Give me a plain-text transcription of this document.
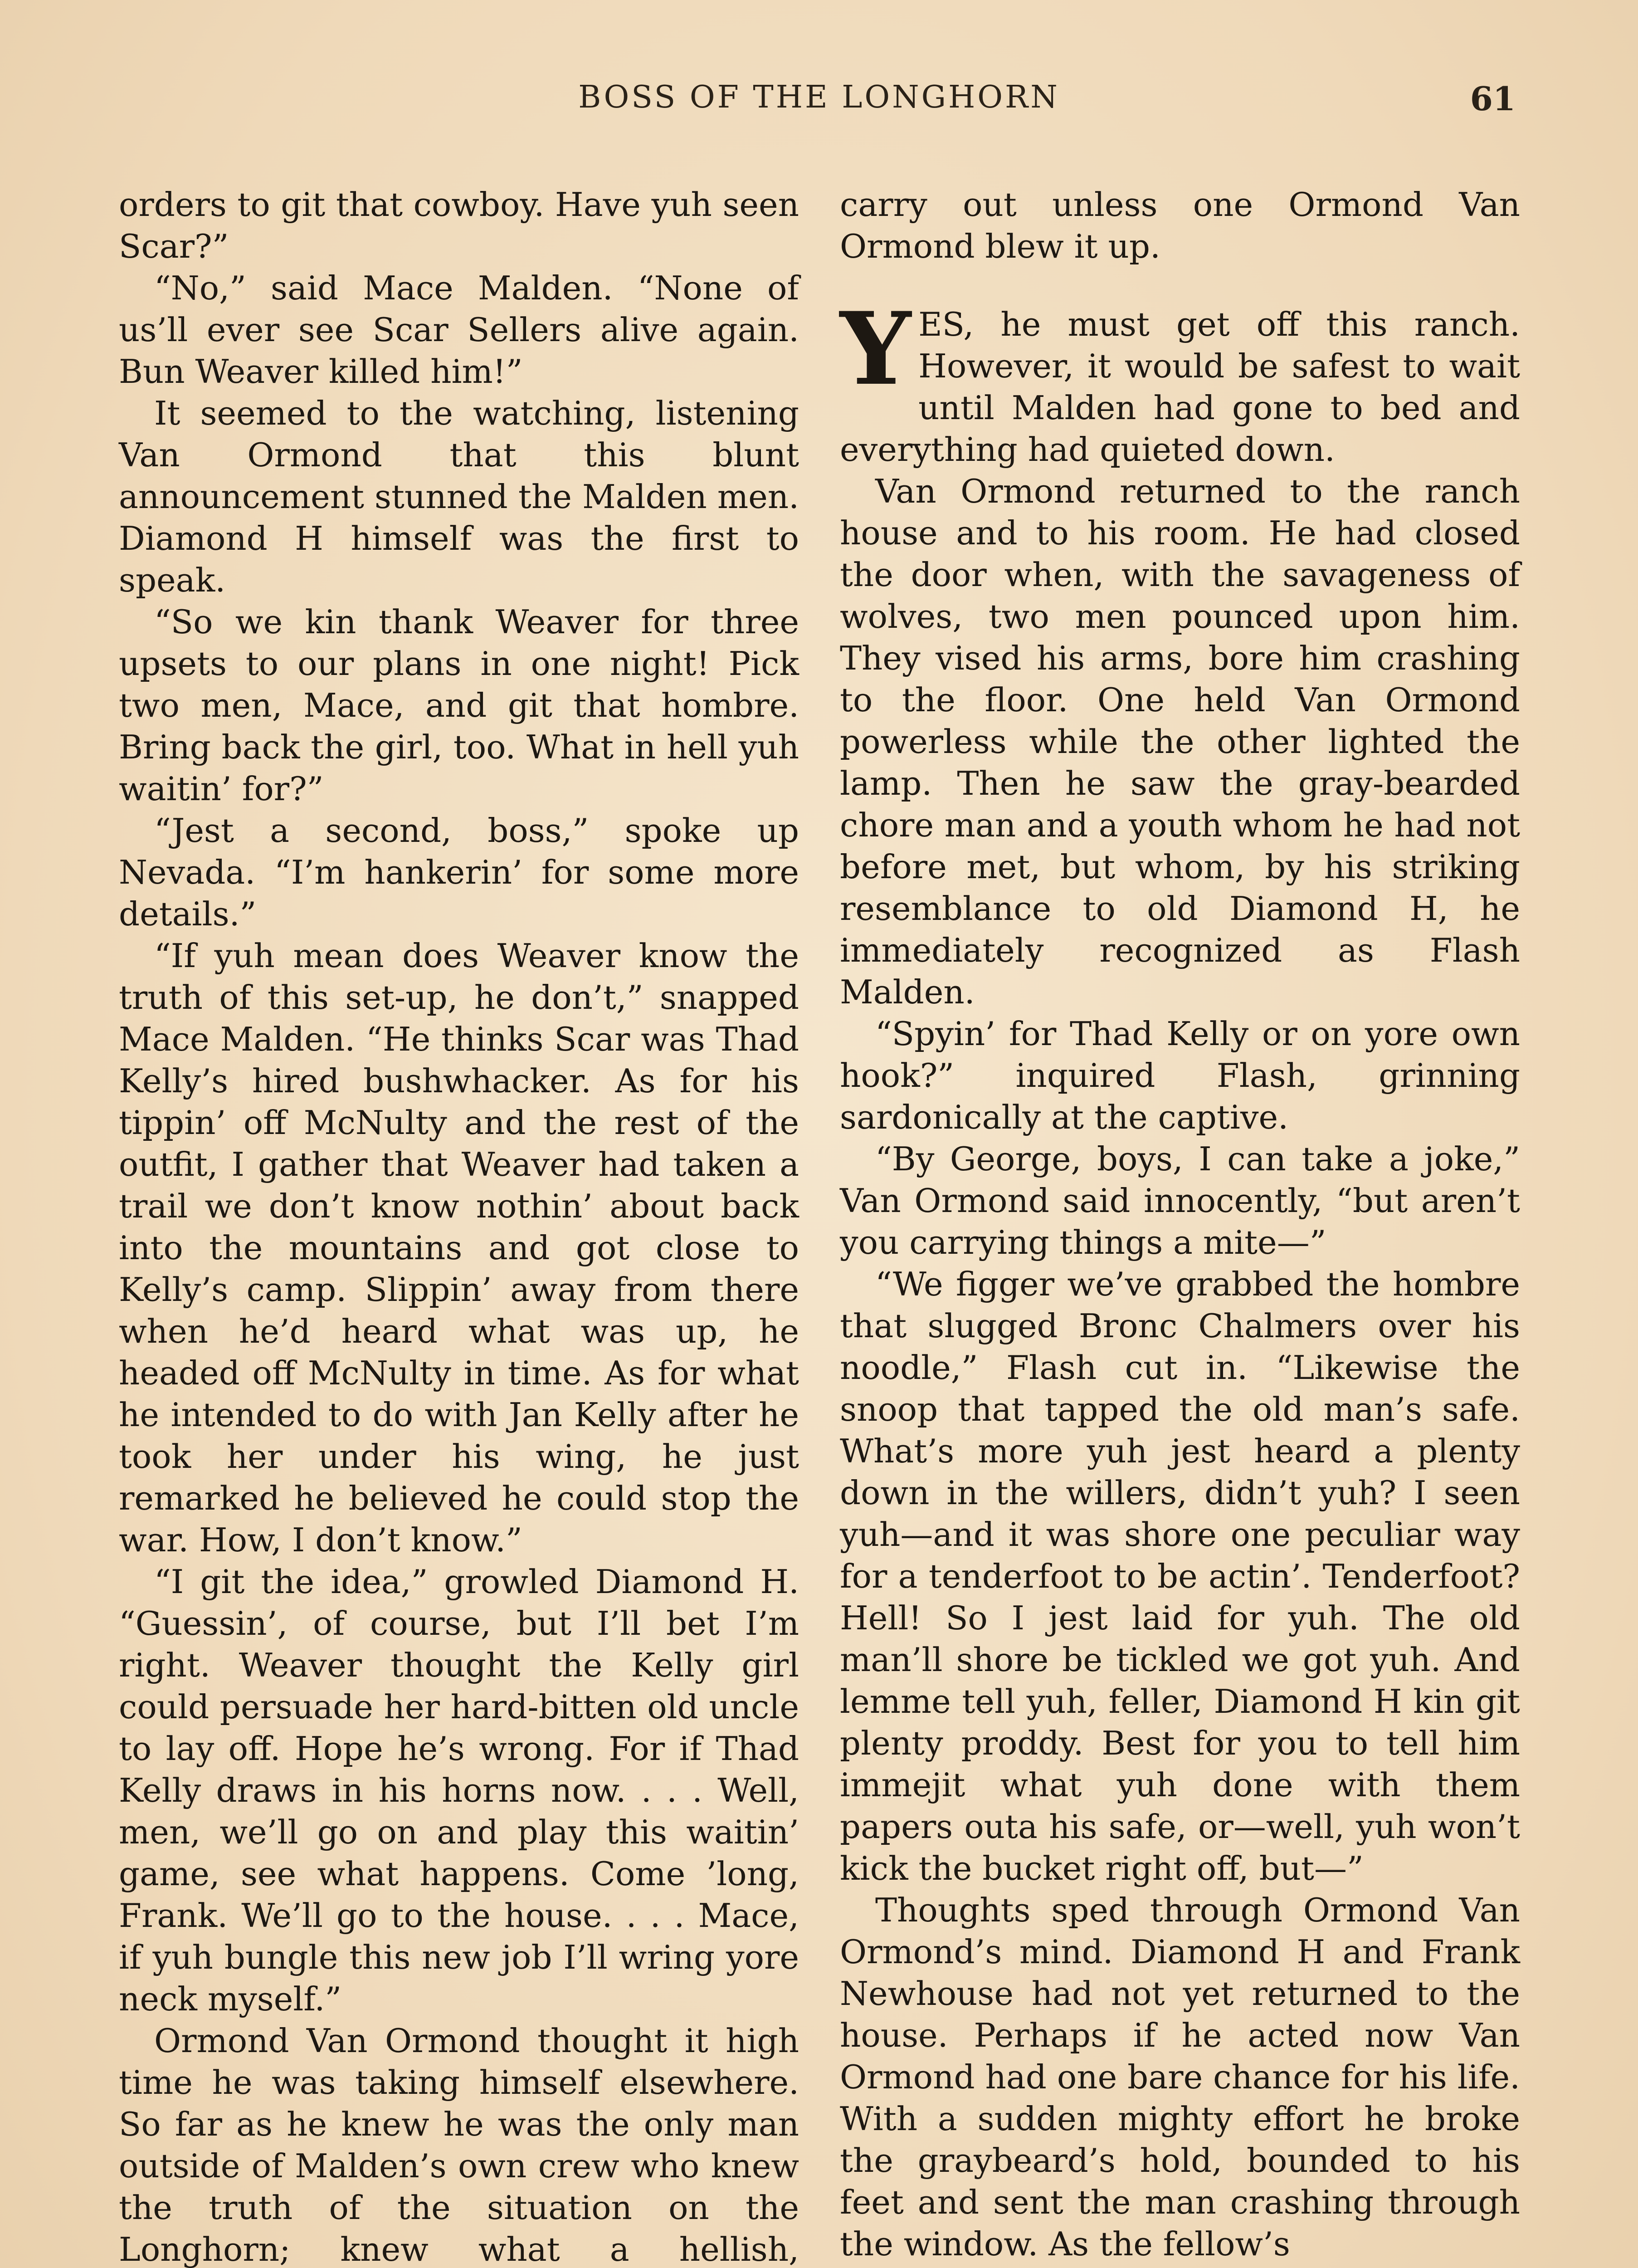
BOSS OF THE LONGHORN	61

orders to git that cowboy. Have yuh seen Scar?”

“No,” said Mace Malden. “None of us’ll ever see Scar Sellers alive again. Bun Weaver killed him!”

It seemed to the watching, listening Van Ormond that this blunt announcement stunned the Malden men. Diamond H himself was the first to speak.

“So we kin thank Weaver for three upsets to our plans in one night! Pick two men, Mace, and git that hombre. Bring back the girl, too. What in hell yuh waitin’ for?”

“Jest a second, boss,” spoke up Nevada. “I’m hankerin’ for some more details.”

“If yuh mean does Weaver know the truth of this set-up, he don’t,” snapped Mace Malden. “He thinks Scar was Thad Kelly’s hired bushwhacker. As for his tippin’ off McNulty and the rest of the outfit, I gather that Weaver had taken a trail we don’t know nothin’ about back into the mountains and got close to Kelly’s camp. Slippin’ away from there when he’d heard what was up, he headed off McNulty in time. As for what he intended to do with Jan Kelly after he took her under his wing, he just remarked he believed he could stop the war. How, I don’t know.”

“I git the idea,” growled Diamond H. “Guessin’, of course, but I’ll bet I’m right. Weaver thought the Kelly girl could persuade her hard-bitten old uncle to lay off. Hope he’s wrong. For if Thad Kelly draws in his horns now. . . . Well, men, we’ll go on and play this waitin’ game, see what happens. Come ’long, Frank. We’ll go to the house. . . . Mace, if yuh bungle this new job I’ll wring yore neck myself.”

Ormond Van Ormond thought it high time he was taking himself elsewhere. So far as he knew he was the only man outside of Malden’s own crew who knew the truth of the situation on the Longhorn; knew what a hellish,

carry out unless one Ormond Van Ormond blew it up.

YES, he must get off this ranch. However, it would be safest to wait until Malden had gone to bed and everything had quieted down.

Van Ormond returned to the ranch house and to his room. He had closed the door when, with the savageness of wolves, two men pounced upon him. They vised his arms, bore him crashing to the floor. One held Van Ormond powerless while the other lighted the lamp. Then he saw the gray-bearded chore man and a youth whom he had not before met, but whom, by his striking resemblance to old Diamond H, he immediately recognized as Flash Malden.

“Spyin’ for Thad Kelly or on yore own hook?” inquired Flash, grinning sardonically at the captive.

“By George, boys, I can take a joke,” Van Ormond said innocently, “but aren’t you carrying things a mite—”

“We figger we’ve grabbed the hombre that slugged Bronc Chalmers over his noodle,” Flash cut in. “Likewise the snoop that tapped the old man’s safe. What’s more yuh jest heard a plenty down in the willers, didn’t yuh? I seen yuh—and it was shore one peculiar way for a tenderfoot to be actin’. Tenderfoot? Hell! So I jest laid for yuh. The old man’ll shore be tickled we got yuh. And lemme tell yuh, feller, Diamond H kin git plenty proddy. Best for you to tell him immejit what yuh done with them papers outa his safe, or—well, yuh won’t kick the bucket right off, but—”

Thoughts sped through Ormond Van Ormond’s mind. Diamond H and Frank Newhouse had not yet returned to the house. Perhaps if he acted now Van Ormond had one bare chance for his life. With a sudden mighty effort he broke the graybeard’s hold, bounded to his feet and sent the man crashing through the window. As the fellow’s
